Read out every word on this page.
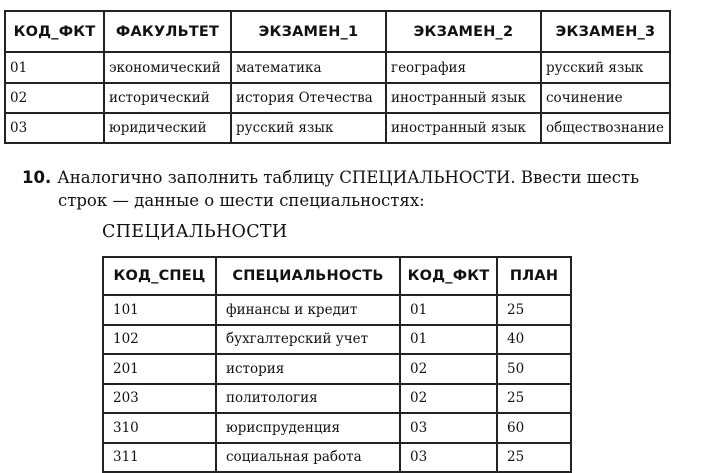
КОД_ФКТ	ФАКУЛЬТЕТ	ЭКЗАМЕН_1	ЭКЗАМЕН_2	ЭКЗАМЕН_3
01	экономический	математика	география	русский язык
02	исторический	история Отечества	иностранный язык	сочинение
03	юридический	русский язык	иностранный язык	обществознание

10. Аналогично заполнить таблицу СПЕЦИАЛЬНОСТИ. Ввести шесть
строк — данные о шести специальностях:

СПЕЦИАЛЬНОСТИ
КОД_СПЕЦ	СПЕЦИАЛЬНОСТЬ	КОД_ФКТ	ПЛАН
101	финансы и кредит	01	25
102	бухгалтерский учет	01	40
201	история	02	50
203	политология	02	25
310	юриспруденция	03	60
311	социальная работа	03	25
